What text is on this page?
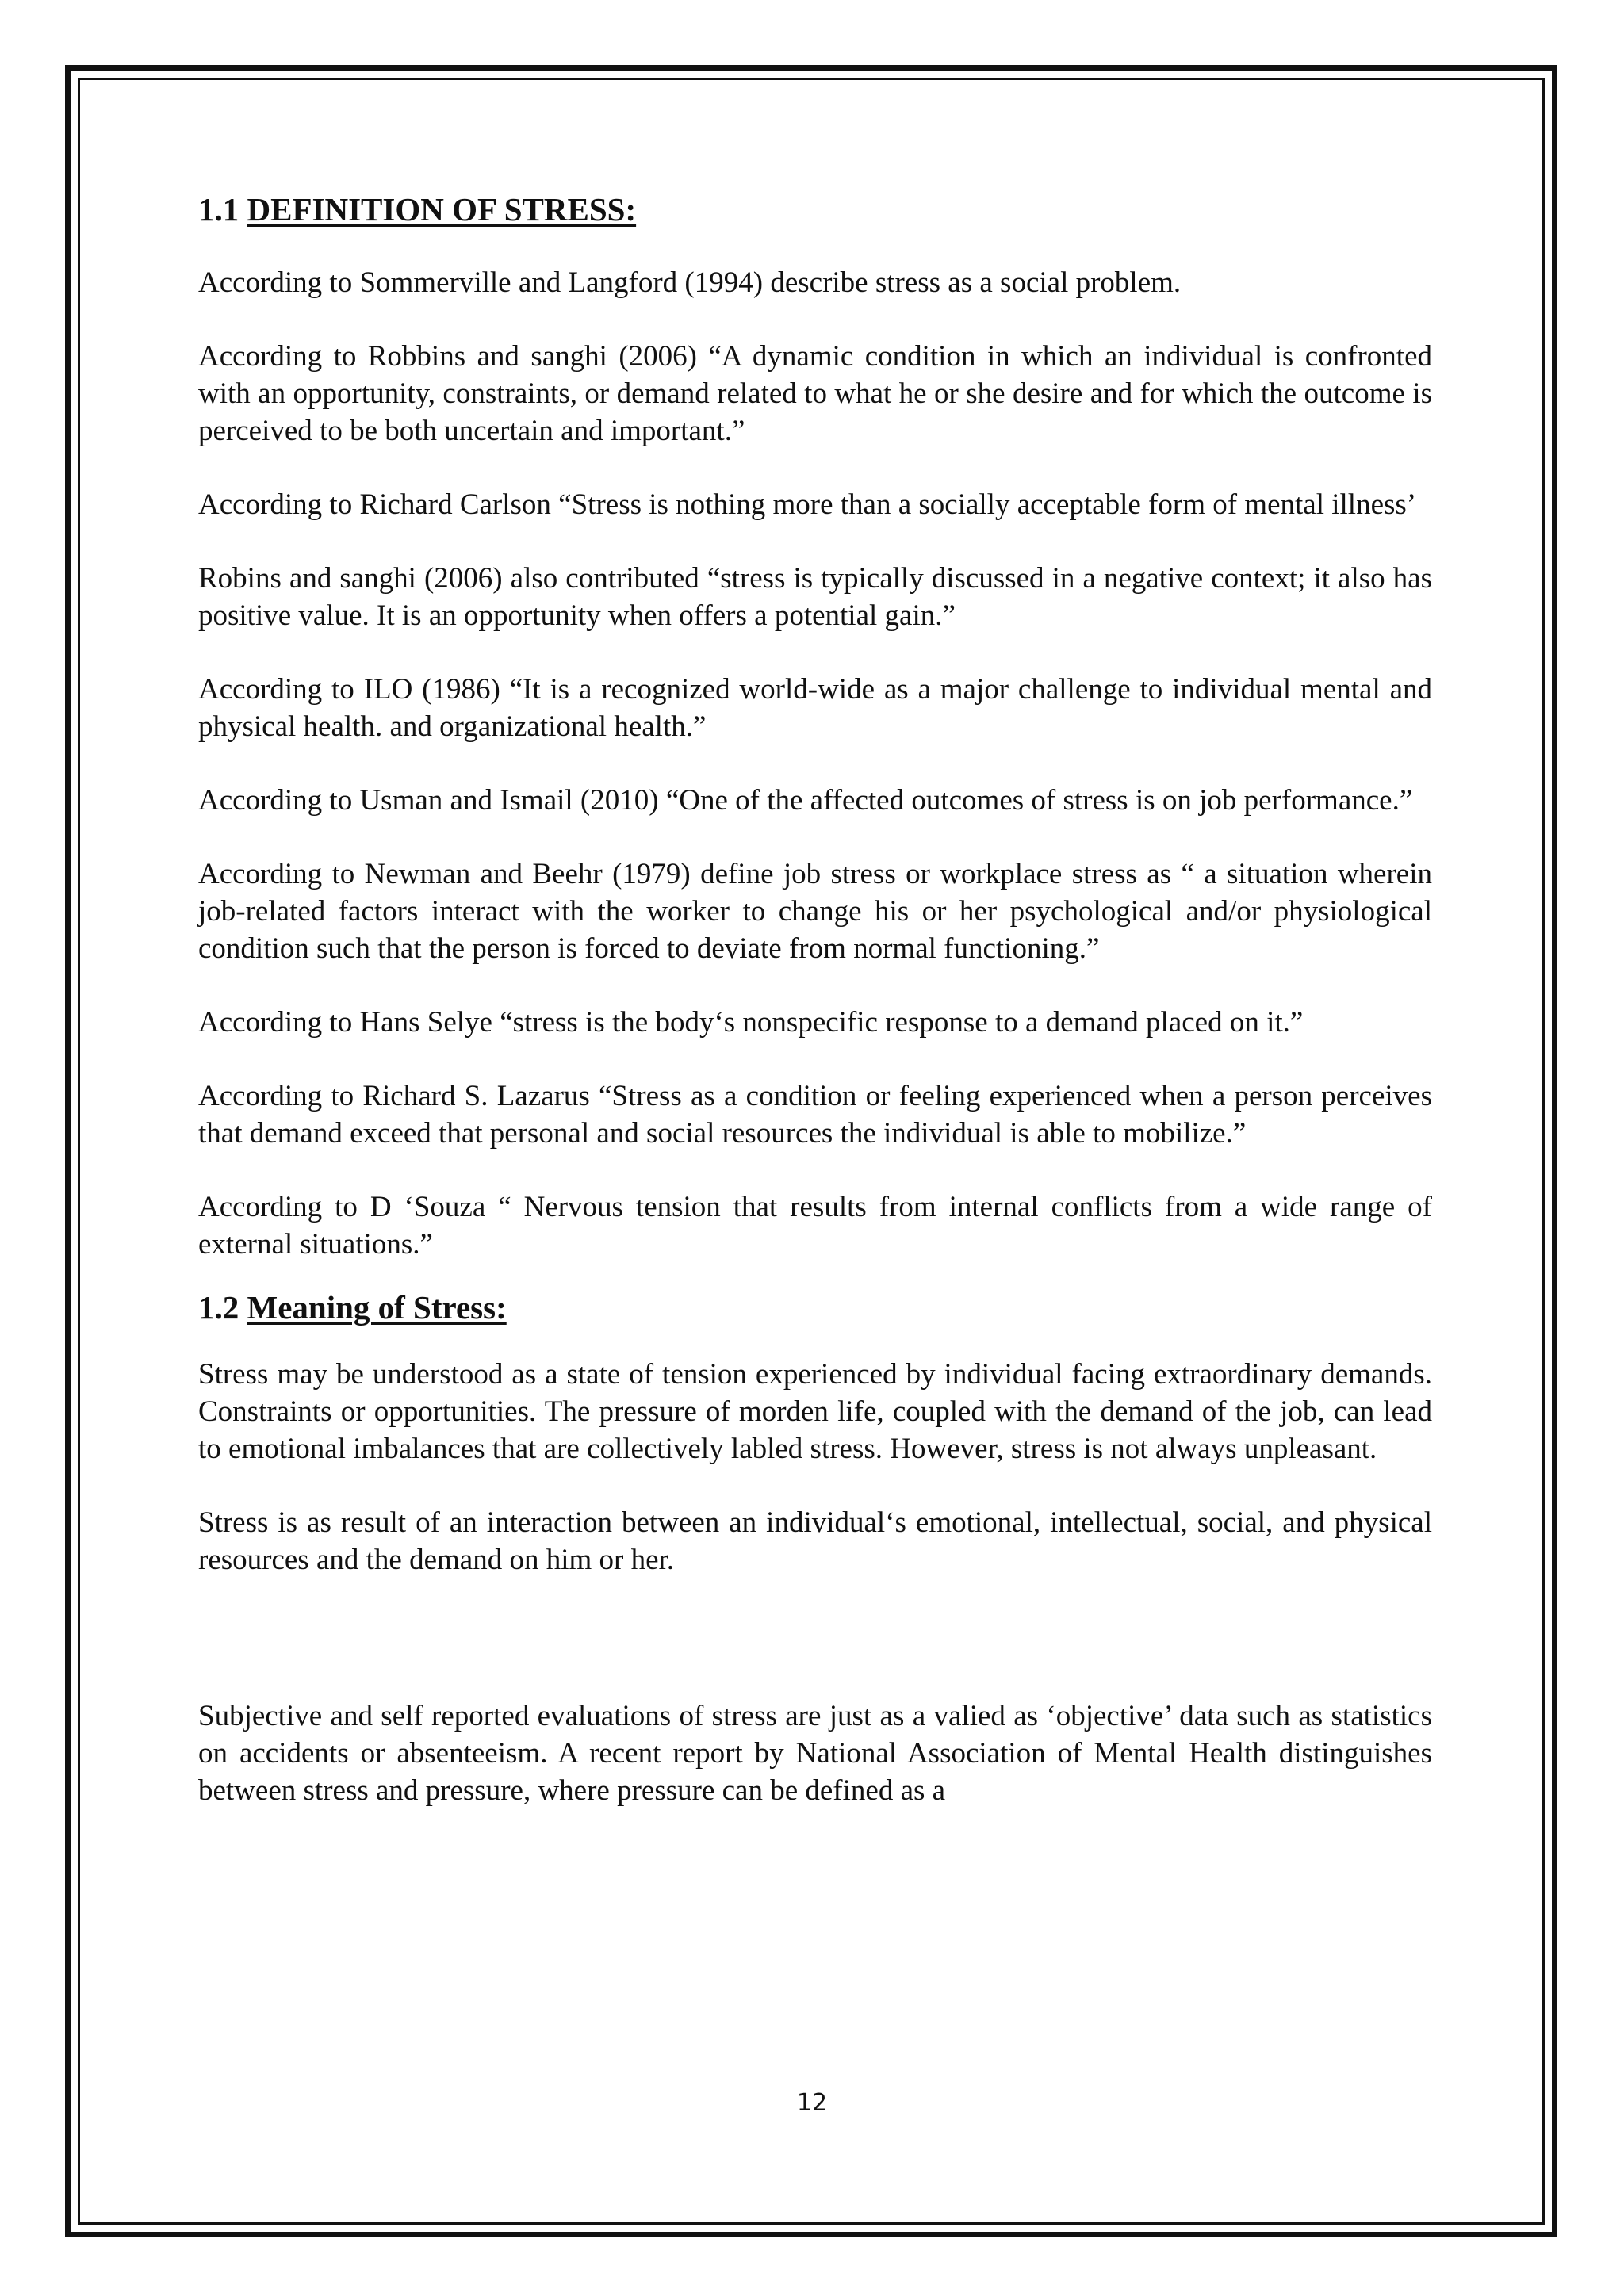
1.1 DEFINITION OF STRESS:

According to Sommerville and Langford (1994) describe stress as a social problem.

According to Robbins and sanghi (2006) “A dynamic condition in which an individual is confronted with an opportunity, constraints, or demand related to what he or she desire and for which the outcome is perceived to be both uncertain and important.”

According to Richard Carlson “Stress is nothing more than a socially acceptable form of mental illness’

Robins and sanghi (2006) also contributed “stress is typically discussed in a negative context; it also has positive value. It is an opportunity when offers a potential gain.”

According to ILO (1986) “It is a recognized world-wide as a major challenge to individual mental and physical health. and organizational health.”

According to Usman and Ismail (2010) “One of the affected outcomes of stress is on job performance.”

According to Newman and Beehr (1979) define job stress or workplace stress as “ a situation wherein job-related factors interact with the worker to change his or her psychological and/or physiological condition such that the person is forced to deviate from normal functioning.”

According to Hans Selye “stress is the body‘s nonspecific response to a demand placed on it.”

According to Richard S. Lazarus “Stress as a condition or feeling experienced when a person perceives that demand exceed that personal and social resources the individual is able to mobilize.”

According to D ‘Souza “ Nervous tension that results from internal conflicts from a wide range of external situations.”

1.2 Meaning of Stress:

Stress may be understood as a state of tension experienced by individual facing extraordinary demands. Constraints or opportunities. The pressure of morden life, coupled with the demand of the job, can lead to emotional imbalances that are collectively labled stress. However, stress is not always unpleasant.

Stress is as result of an interaction between an individual‘s emotional, intellectual, social, and physical resources and the demand on him or her.

Subjective and self reported evaluations of stress are just as a valied as ‘objective’ data such as statistics on accidents or absenteeism. A recent report by National Association of Mental Health distinguishes between stress and pressure, where pressure can be defined as a

12
